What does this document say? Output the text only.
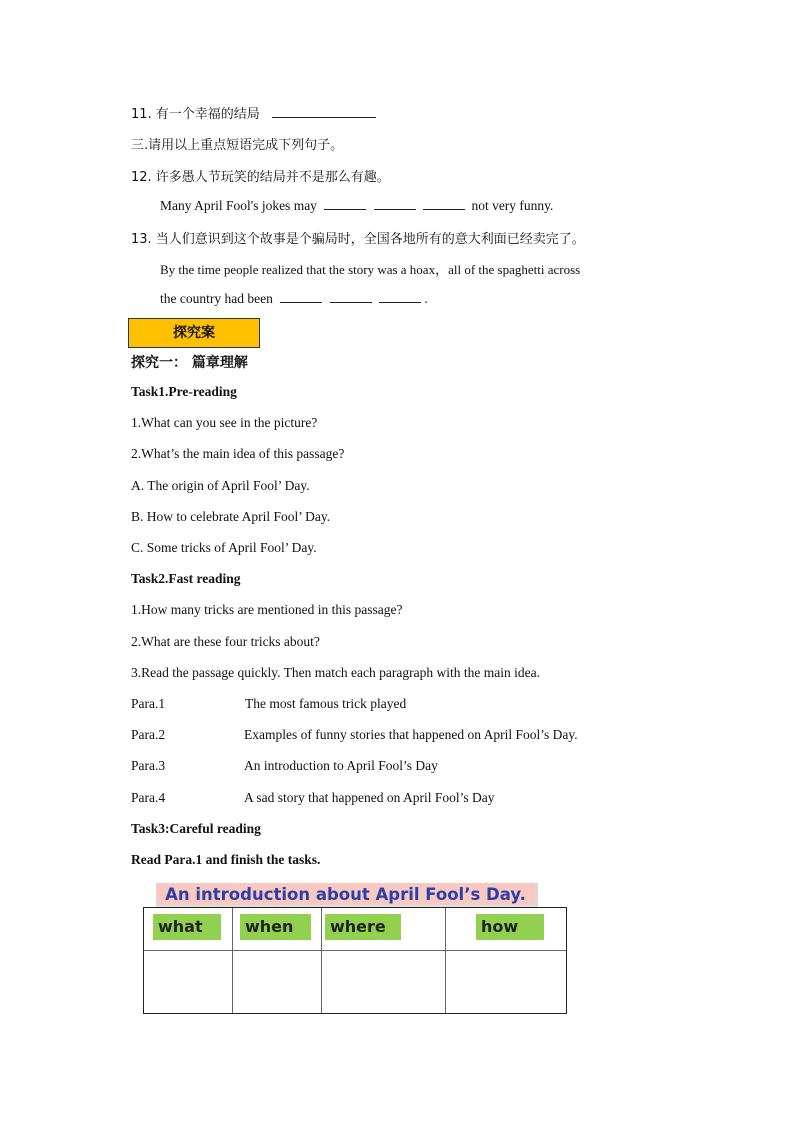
11. 有一个幸福的结局
三.请用以上重点短语完成下列句子。
12. 许多愚人节玩笑的结局并不是那么有趣。
Many April Fool's jokes may	not very funny.
13. 当人们意识到这个故事是个骗局时，全国各地所有的意大利面已经卖完了。
By the time people realized that the story was a hoax，all of the spaghetti across
the country had been	.
探究案
探究一： 篇章理解
Task1.Pre-reading
1.What can you see in the picture?
2.What’s the main idea of this passage?
A. The origin of April Fool’ Day.
B. How to celebrate April Fool’ Day.
C. Some tricks of April Fool’ Day.
Task2.Fast reading
1.How many tricks are mentioned in this passage?
2.What are these four tricks about?
3.Read the passage quickly. Then match each paragraph with the main idea.
Para.1	The most famous trick played
Para.2	Examples of funny stories that happened on April Fool’s Day.
Para.3	An introduction to April Fool’s Day
Para.4	A sad story that happened on April Fool’s Day
Task3:Careful reading
Read Para.1 and finish the tasks.
An introduction about April Fool’s Day.
what	when	where	how
